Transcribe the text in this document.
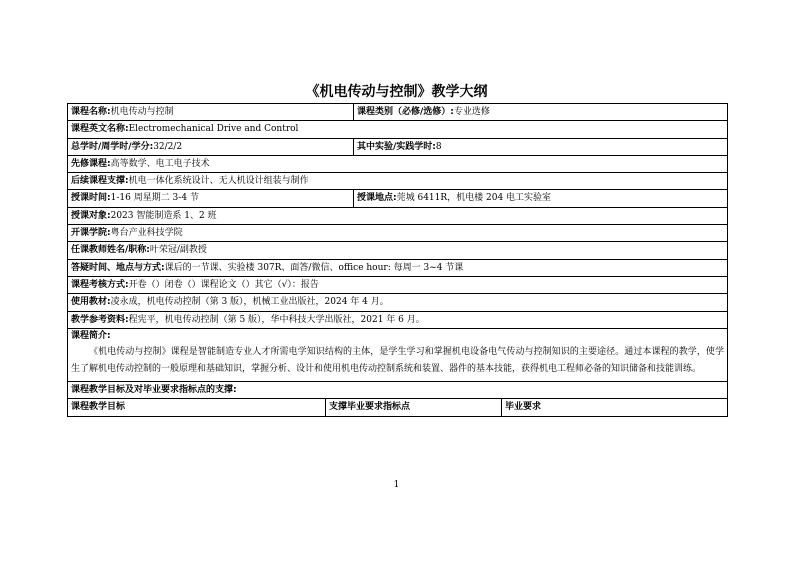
《机电传动与控制》教学大纲
课程名称:机电传动与控制	课程类别（必修/选修）:专业选修
课程英文名称:Electromechanical Drive and Control
总学时/周学时/学分:32/2/2	其中实验/实践学时:8
先修课程:高等数学、电工电子技术
后续课程支撑:机电一体化系统设计、无人机设计组装与制作
授课时间:1-16 周星期二 3-4 节	授课地点:莞城 6411R，机电楼 204 电工实验室
授课对象:2023 智能制造系 1、2 班
开课学院:粤台产业科技学院
任课教师姓名/职称:叶荣冠/副教授
答疑时间、地点与方式:课后的一节课、实验楼 307R、面答/微信、office hour: 每周一 3~4 节课
课程考核方式:开卷（）闭卷（）课程论文（）其它（√）：报告
使用教材:凌永成，机电传动控制（第 3 版），机械工业出版社，2024 年 4 月。
教学参考资料:程宪平，机电传动控制（第 5 版），华中科技大学出版社，2021 年 6 月。
课程简介:
《机电传动与控制》课程是智能制造专业人才所需电学知识结构的主体，是学生学习和掌握机电设备电气传动与控制知识的主要途径。通过本课程的教学，使学生了解机电传动控制的一般原理和基础知识，掌握分析、设计和使用机电传动控制系统和装置、器件的基本技能，获得机电工程师必备的知识储备和技能训练。
课程教学目标及对毕业要求指标点的支撑:
课程教学目标	支撑毕业要求指标点	毕业要求
1
